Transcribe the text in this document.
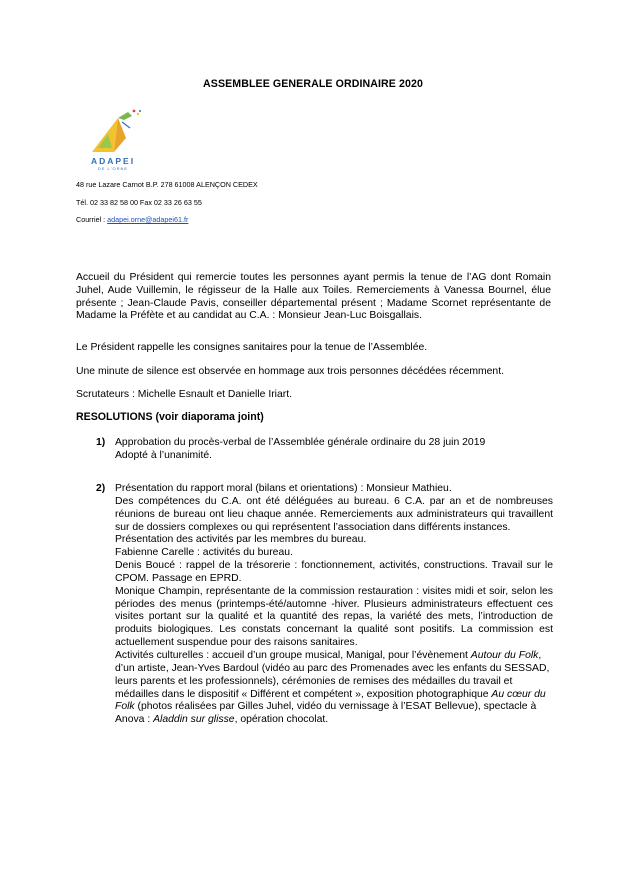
ASSEMBLEE GENERALE ORDINAIRE 2020
ADAPEI
DE L'ORNE
48 rue Lazare Carnot B.P. 278 61008 ALENÇON CEDEX
Tél. 02 33 82 58 00 Fax 02 33 26 63 55
Courriel : adapei.orne@adapei61.fr
Accueil du Président qui remercie toutes les personnes ayant permis la tenue de l’AG dont Romain Juhel, Aude Vuillemin, le régisseur de la Halle aux Toiles. Remerciements à Vanessa Bournel, élue présente ; Jean-Claude Pavis, conseiller départemental présent ; Madame Scornet représentante de Madame la Préfète et au candidat au C.A. : Monsieur Jean-Luc Boisgallais.
Le Président rappelle les consignes sanitaires pour la tenue de l’Assemblée.
Une minute de silence est observée en hommage aux trois personnes décédées récemment.
Scrutateurs : Michelle Esnault et Danielle Iriart.
RESOLUTIONS (voir diaporama joint)
1) Approbation du procès-verbal de l’Assemblée générale ordinaire du 28 juin 2019

Adopté à l’unanimité.

2) Présentation du rapport moral (bilans et orientations) : Monsieur Mathieu.

Des compétences du C.A. ont été déléguées au bureau. 6 C.A. par an et de nombreuses réunions de bureau ont lieu chaque année. Remerciements aux administrateurs qui travaillent sur de dossiers complexes ou qui représentent l’association dans différents instances.

Présentation des activités par les membres du bureau.

Fabienne Carelle : activités du bureau.

Denis Boucé : rappel de la trésorerie : fonctionnement, activités, constructions. Travail sur le CPOM. Passage en EPRD.

Monique Champin, représentante de la commission restauration : visites midi et soir, selon les périodes des menus (printemps-été/automne -hiver. Plusieurs administrateurs effectuent ces visites portant sur la qualité et la quantité des repas, la variété des mets, l’introduction de produits biologiques. Les constats concernant la qualité sont positifs. La commission est actuellement suspendue pour des raisons sanitaires.

Activités culturelles : accueil d’un groupe musical, Manigal, pour l’évènement Autour du Folk, d’un artiste, Jean-Yves Bardoul (vidéo au parc des Promenades avec les enfants du SESSAD, leurs parents et les professionnels), cérémonies de remises des médailles du travail et médailles dans le dispositif « Différent et compétent », exposition photographique Au cœur du Folk (photos réalisées par Gilles Juhel, vidéo du vernissage à l’ESAT Bellevue), spectacle à Anova : Aladdin sur glisse, opération chocolat.
